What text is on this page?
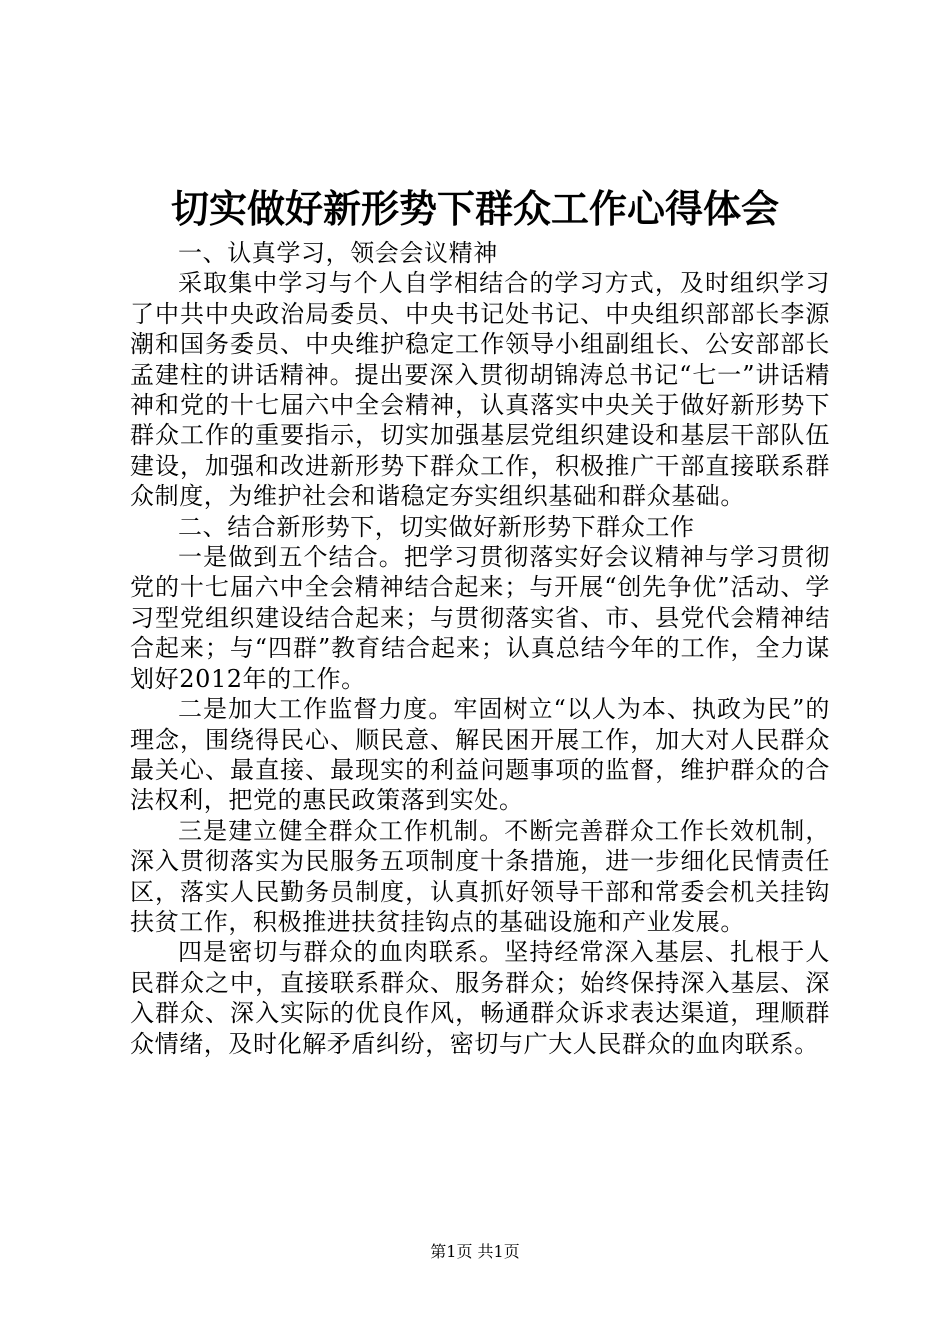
切实做好新形势下群众工作心得体会

一、认真学习，领会会议精神

采取集中学习与个人自学相结合的学习方式，及时组织学习了中共中央政治局委员、中央书记处书记、中央组织部部长李源潮和国务委员、中央维护稳定工作领导小组副组长、公安部部长孟建柱的讲话精神。提出要深入贯彻胡锦涛总书记“七一”讲话精神和党的十七届六中全会精神，认真落实中央关于做好新形势下群众工作的重要指示，切实加强基层党组织建设和基层干部队伍建设，加强和改进新形势下群众工作，积极推广干部直接联系群众制度，为维护社会和谐稳定夯实组织基础和群众基础。

二、结合新形势下，切实做好新形势下群众工作

一是做到五个结合。把学习贯彻落实好会议精神与学习贯彻党的十七届六中全会精神结合起来；与开展“创先争优”活动、学习型党组织建设结合起来；与贯彻落实省、市、县党代会精神结合起来；与“四群”教育结合起来；认真总结今年的工作，全力谋划好2012年的工作。

二是加大工作监督力度。牢固树立“以人为本、执政为民”的理念，围绕得民心、顺民意、解民困开展工作，加大对人民群众最关心、最直接、最现实的利益问题事项的监督，维护群众的合法权利，把党的惠民政策落到实处。

三是建立健全群众工作机制。不断完善群众工作长效机制，深入贯彻落实为民服务五项制度十条措施，进一步细化民情责任区，落实人民勤务员制度，认真抓好领导干部和常委会机关挂钩扶贫工作，积极推进扶贫挂钩点的基础设施和产业发展。

四是密切与群众的血肉联系。坚持经常深入基层、扎根于人民群众之中，直接联系群众、服务群众；始终保持深入基层、深入群众、深入实际的优良作风，畅通群众诉求表达渠道，理顺群众情绪，及时化解矛盾纠纷，密切与广大人民群众的血肉联系。

第1页 共1页
